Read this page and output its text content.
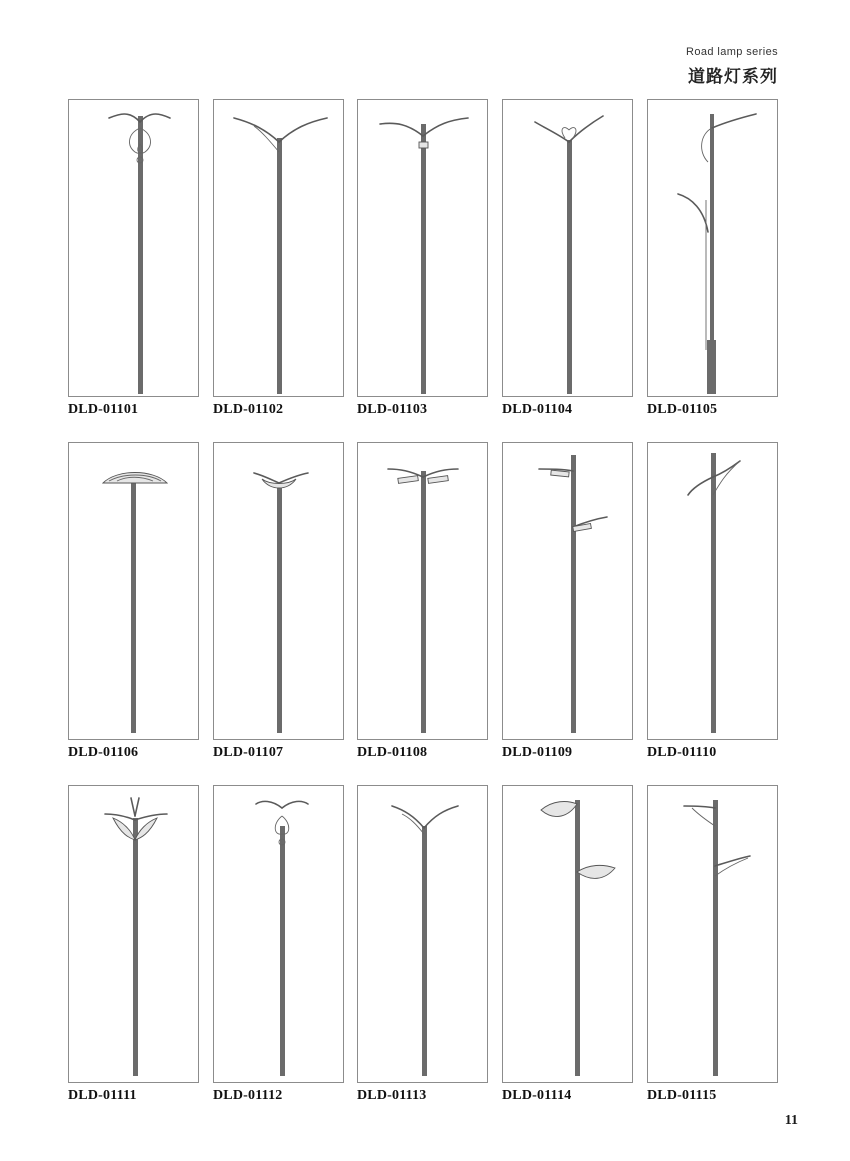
Road lamp series
道路灯系列
DLD-01101	DLD-01102	DLD-01103	DLD-01104	DLD-01105
DLD-01106	DLD-01107	DLD-01108	DLD-01109	DLD-01110
DLD-01111	DLD-01112	DLD-01113	DLD-01114	DLD-01115
11
